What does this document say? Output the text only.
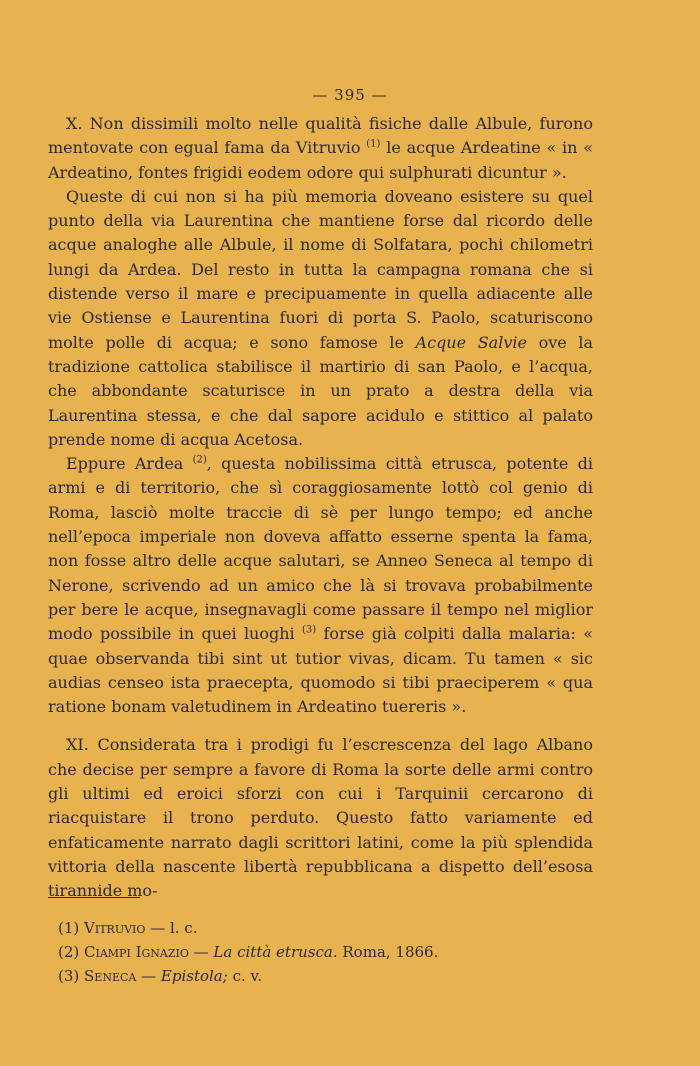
— 395 —

X. Non dissimili molto nelle qualità fisiche dalle Albule, furono mentovate con egual fama da Vitruvio $^{(1)}$ le acque Ardeatine « in « Ardeatino, fontes frigidi eodem odore qui sulphurati dicuntur ».

Queste di cui non si ha più memoria doveano esistere su quel punto della via Laurentina che mantiene forse dal ricordo delle acque analoghe alle Albule, il nome di Solfatara, pochi chilometri lungi da Ardea. Del resto in tutta la campagna romana che si distende verso il mare e precipuamente in quella adiacente alle vie Ostiense e Laurentina fuori di porta S. Paolo, scaturiscono molte polle di acqua; e sono famose le Acque Salvie ove la tradizione cattolica stabilisce il martirio di san Paolo, e l’acqua, che abbondante scaturisce in un prato a destra della via Laurentina stessa, e che dal sapore acidulo e stittico al palato prende nome di acqua Acetosa.

Eppure Ardea $^{(2)}$, questa nobilissima città etrusca, potente di armi e di territorio, che sì coraggiosamente lottò col genio di Roma, lasciò molte traccie di sè per lungo tempo; ed anche nell’epoca imperiale non doveva affatto esserne spenta la fama, non fosse altro delle acque salutari, se Anneo Seneca al tempo di Nerone, scrivendo ad un amico che là si trovava probabilmente per bere le acque, insegnavagli come passare il tempo nel miglior modo possibile in quei luoghi $^{(3)}$ forse già colpiti dalla malaria: « quae observanda tibi sint ut tutior vivas, dicam. Tu tamen « sic audias censeo ista praecepta, quomodo si tibi praeciperem « qua ratione bonam valetudinem in Ardeatino tuereris ».

XI. Considerata tra i prodigi fu l’escrescenza del lago Albano che decise per sempre a favore di Roma la sorte delle armi contro gli ultimi ed eroici sforzi con cui i Tarquinii cercarono di riacquistare il trono perduto. Questo fatto variamente ed enfaticamente narrato dagli scrittori latini, come la più splendida vittoria della nascente libertà repubblicana a dispetto dell’esosa tirannide mo-

(1) Vitruvio — l. c.
(2) Ciampi Ignazio — La città etrusca. Roma, 1866.
(3) Seneca — Epistola; c. v.
